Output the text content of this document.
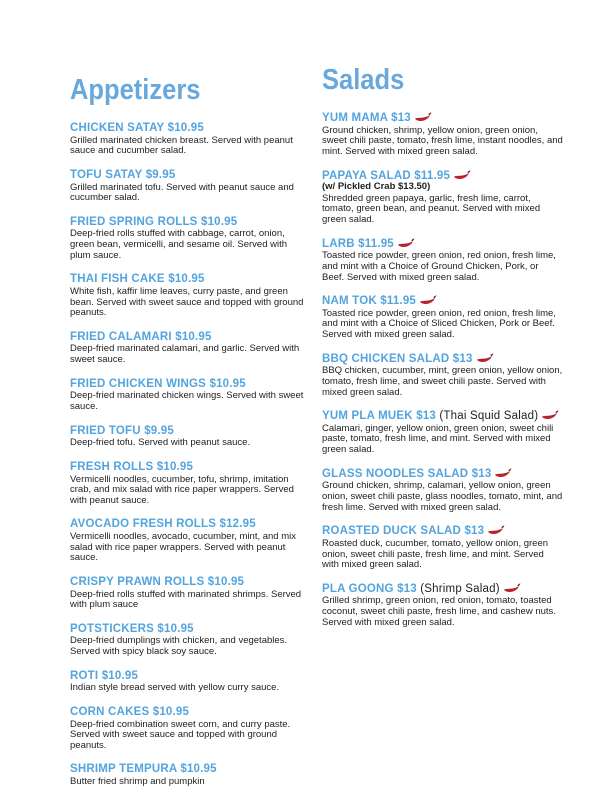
Appetizers
CHICKEN SATAY $10.95

Grilled marinated chicken breast. Served with peanut sauce and cucumber salad.

TOFU SATAY $9.95

Grilled marinated tofu. Served with peanut sauce and cucumber salad.

FRIED SPRING ROLLS $10.95

Deep-fried rolls stuffed with cabbage, carrot, onion, green bean, vermicelli, and sesame oil. Served with plum sauce.

THAI FISH CAKE $10.95

White fish, kaffir lime leaves, curry paste, and green bean. Served with sweet sauce and topped with ground peanuts.

FRIED CALAMARI $10.95

Deep-fried marinated calamari, and garlic. Served with sweet sauce.

FRIED CHICKEN WINGS $10.95

Deep-fried marinated chicken wings. Served with sweet sauce.

FRIED TOFU $9.95

Deep-fried tofu. Served with peanut sauce.

FRESH ROLLS $10.95

Vermicelli noodles, cucumber, tofu, shrimp, imitation crab, and mix salad with rice paper wrappers. Served with peanut sauce.

AVOCADO FRESH ROLLS $12.95

Vermicelli noodles, avocado, cucumber, mint, and mix salad with rice paper wrappers. Served with peanut sauce.

CRISPY PRAWN ROLLS $10.95

Deep-fried rolls stuffed with marinated shrimps. Served with plum sauce

POTSTICKERS $10.95

Deep-fried dumplings with chicken, and vegetables. Served with spicy black soy sauce.

ROTI $10.95

Indian style bread served with yellow curry sauce.

CORN CAKES $10.95

Deep-fried combination sweet corn, and curry paste. Served with sweet sauce and topped with ground peanuts.

SHRIMP TEMPURA $10.95

Butter fried shrimp and pumpkin

Salads
YUM MAMA $13

Ground chicken, shrimp, yellow onion, green onion, sweet chili paste, tomato, fresh lime, instant noodles, and mint. Served with mixed green salad.

PAPAYA SALAD $11.95
(w/ Pickled Crab $13.50)

Shredded green papaya, garlic, fresh lime, carrot, tomato, green bean, and peanut. Served with mixed green salad.

LARB $11.95

Toasted rice powder, green onion, red onion, fresh lime, and mint with a Choice of Ground Chicken, Pork, or Beef. Served with mixed green salad.

NAM TOK $11.95

Toasted rice powder, green onion, red onion, fresh lime, and mint with a Choice of Sliced Chicken, Pork or Beef. Served with mixed green salad.

BBQ CHICKEN SALAD $13

BBQ chicken, cucumber, mint, green onion, yellow onion, tomato, fresh lime, and sweet chili paste. Served with mixed green salad.

YUM PLA MUEK $13 (Thai Squid Salad)

Calamari, ginger, yellow onion, green onion, sweet chili paste, tomato, fresh lime, and mint. Served with mixed green salad.

GLASS NOODLES SALAD $13

Ground chicken, shrimp, calamari, yellow onion, green onion, sweet chili paste, glass noodles, tomato, mint, and fresh lime. Served with mixed green salad.

ROASTED DUCK SALAD $13

Roasted duck, cucumber, tomato, yellow onion, green onion, sweet chili paste, fresh lime, and mint. Served with mixed green salad.

PLA GOONG $13 (Shrimp Salad)

Grilled shrimp, green onion, red onion, tomato, toasted coconut, sweet chili paste, fresh lime, and cashew nuts. Served with mixed green salad.
